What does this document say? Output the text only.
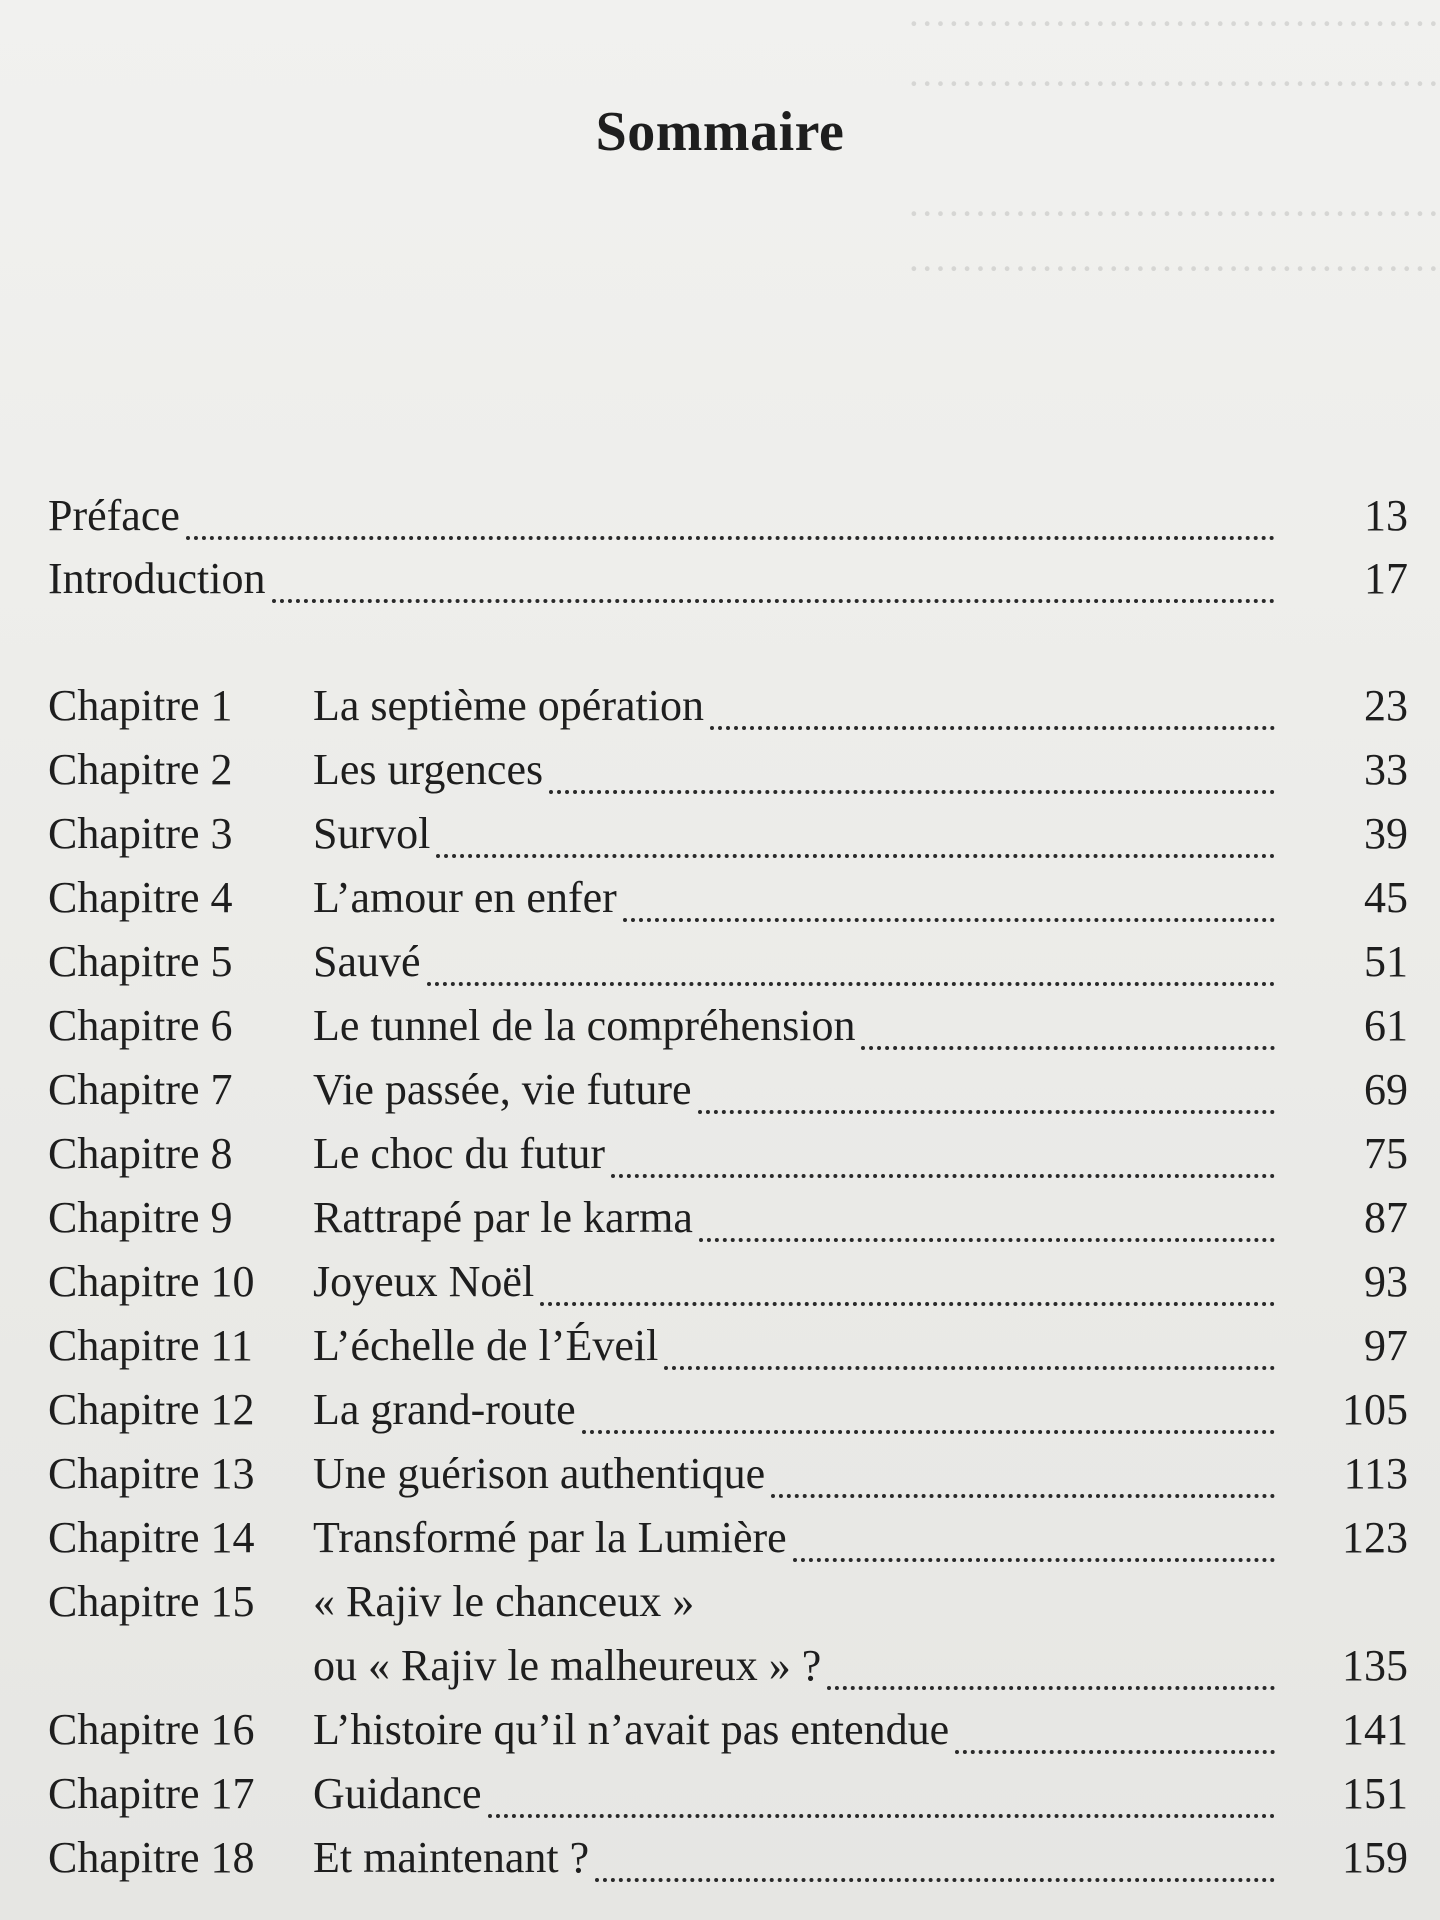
········································
········································
········································
········································
Sommaire
Préface	13
Introduction	17
Chapitre 1 La septième opération	23
Chapitre 2 Les urgences	33
Chapitre 3 Survol	39
Chapitre 4 L’amour en enfer	45
Chapitre 5 Sauvé	51
Chapitre 6 Le tunnel de la compréhension	61
Chapitre 7 Vie passée, vie future	69
Chapitre 8 Le choc du futur	75
Chapitre 9 Rattrapé par le karma	87
Chapitre 10 Joyeux Noël	93
Chapitre 11 L’échelle de l’Éveil	97
Chapitre 12 La grand-route	105
Chapitre 13 Une guérison authentique	113
Chapitre 14 Transformé par la Lumière	123
Chapitre 15 « Rajiv le chanceux »
ou « Rajiv le malheureux » ?	135
Chapitre 16 L’histoire qu’il n’avait pas entendue	141
Chapitre 17 Guidance	151
Chapitre 18 Et maintenant ?	159
